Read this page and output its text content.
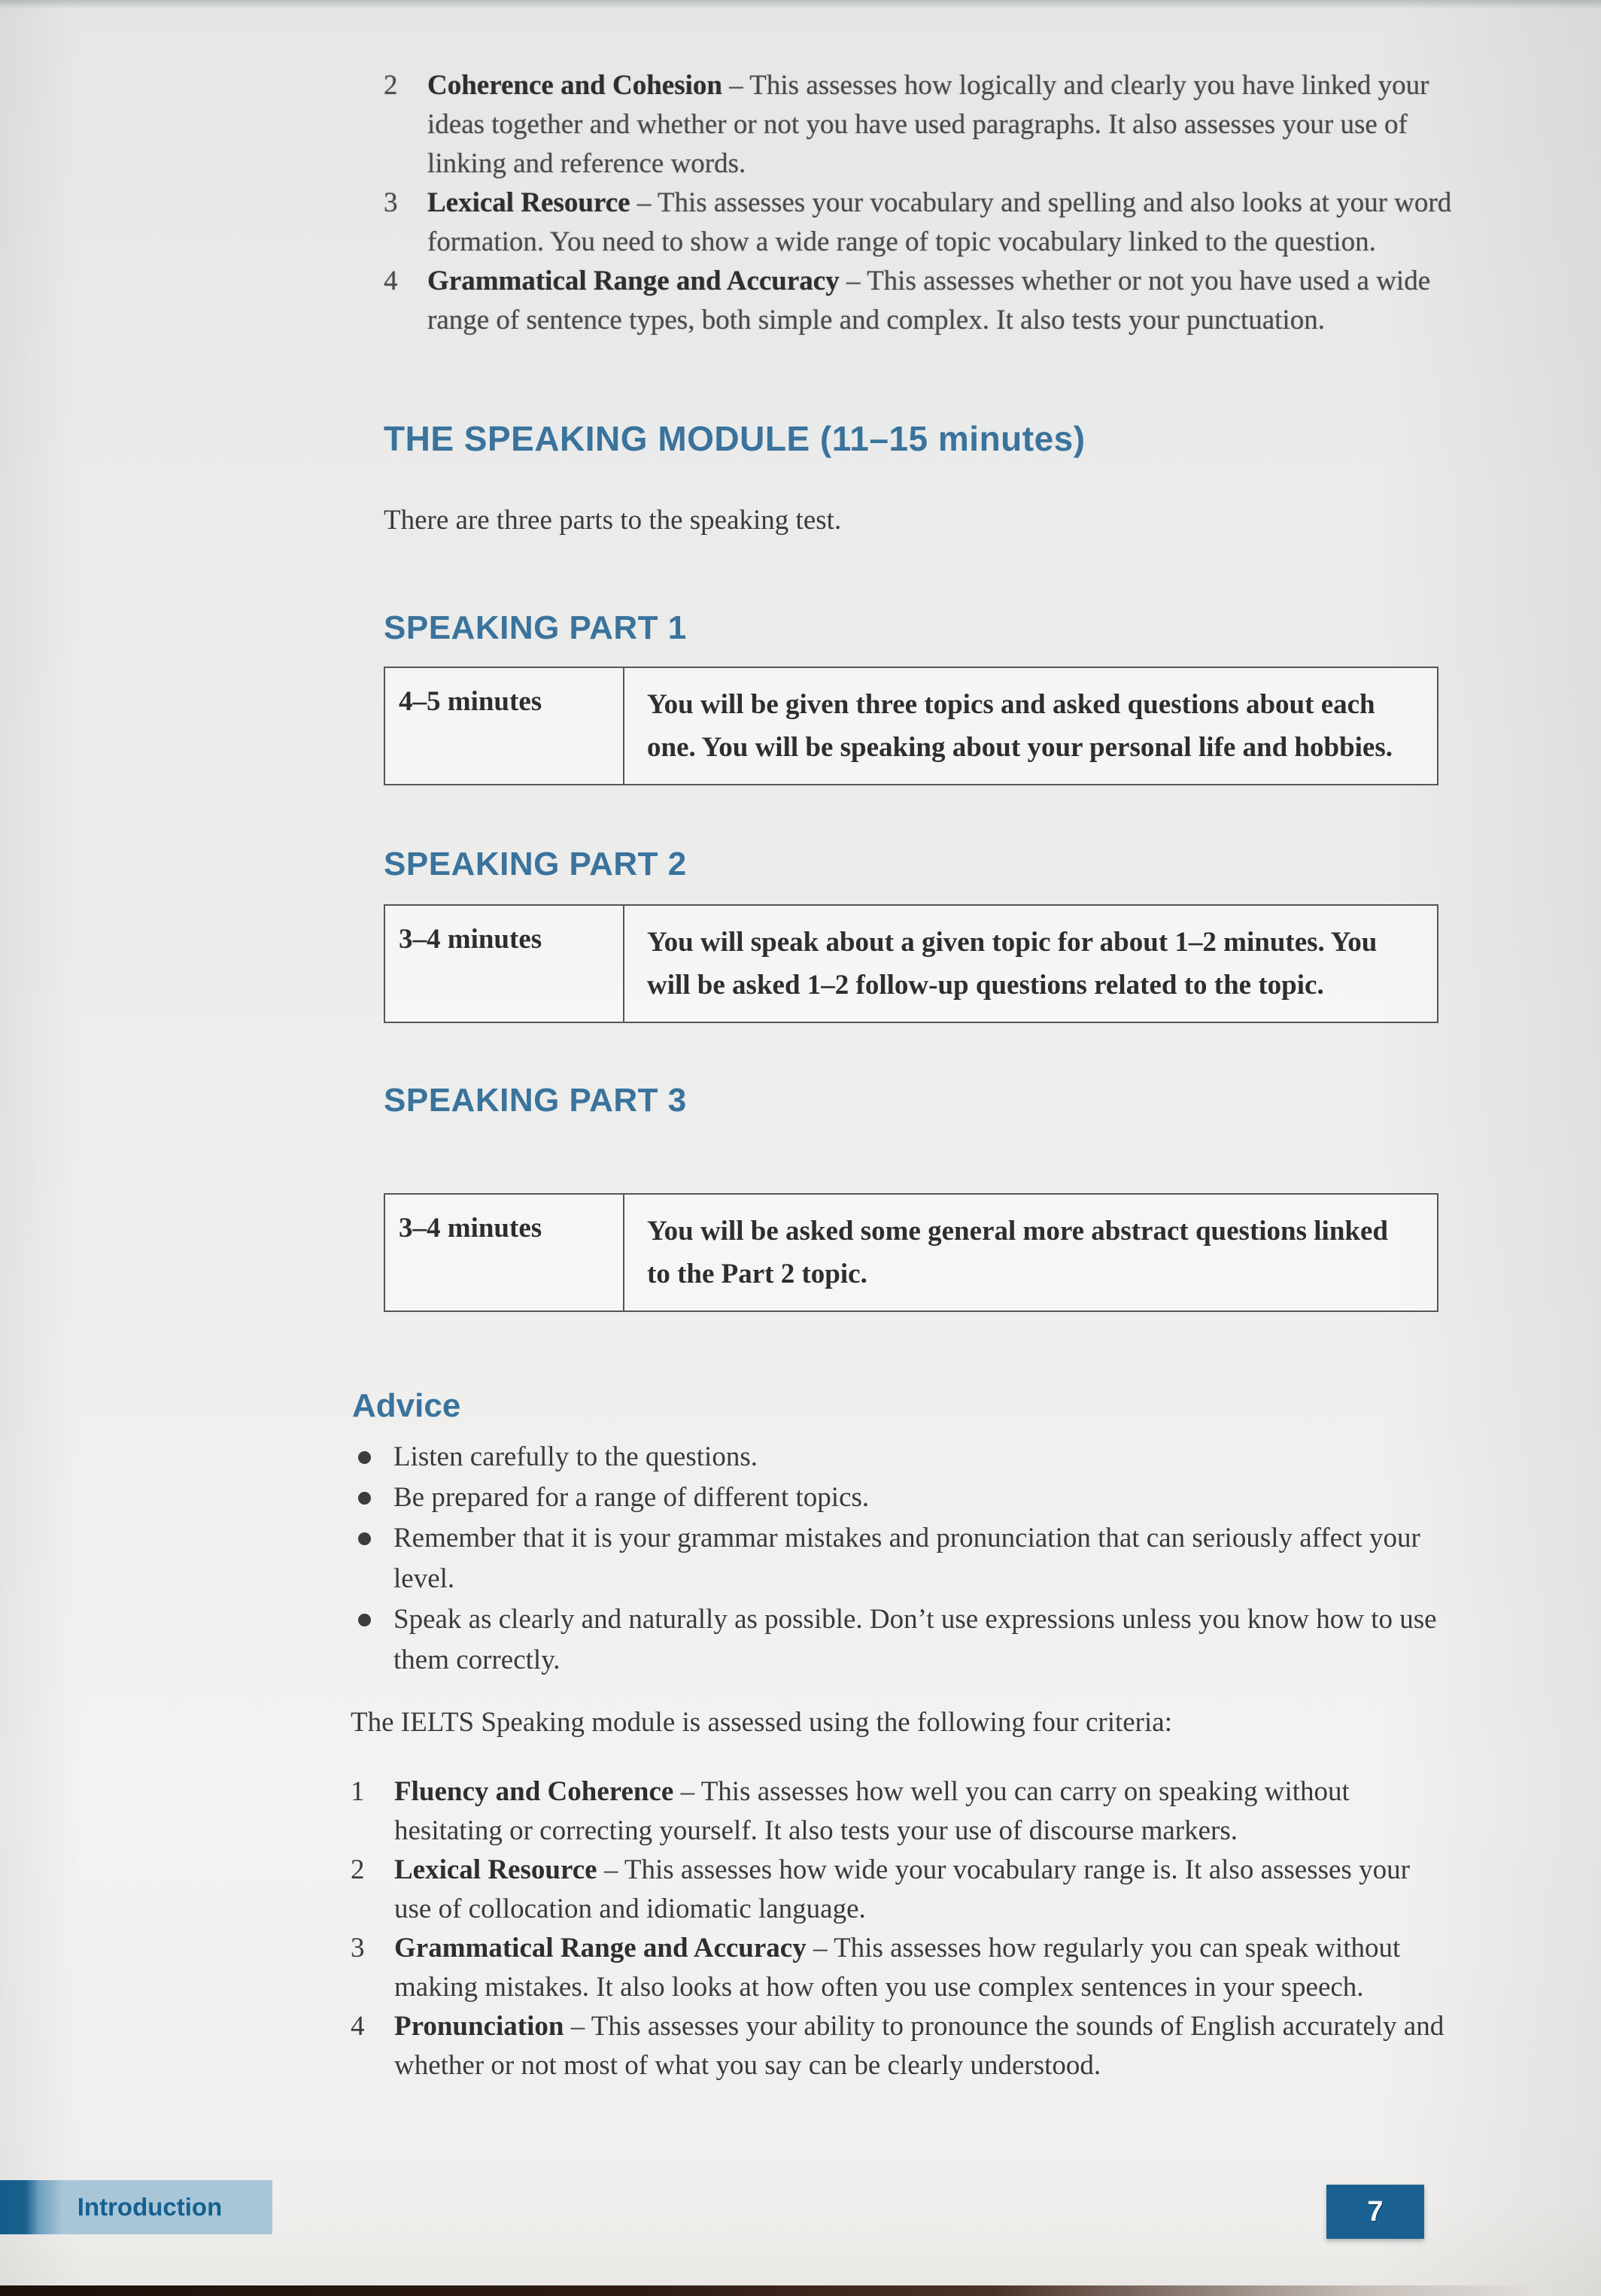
2	Coherence and Cohesion – This assesses how logically and clearly you have linked your ideas together and whether or not you have used paragraphs. It also assesses your use of linking and reference words.
3	Lexical Resource – This assesses your vocabulary and spelling and also looks at your word formation. You need to show a wide range of topic vocabulary linked to the question.
4	Grammatical Range and Accuracy – This assesses whether or not you have used a wide range of sentence types, both simple and complex. It also tests your punctuation.
THE SPEAKING MODULE (11–15 minutes)
There are three parts to the speaking test.
SPEAKING PART 1
4–5 minutes	You will be given three topics and asked questions about each one. You will be speaking about your personal life and hobbies.
SPEAKING PART 2
3–4 minutes	You will speak about a given topic for about 1–2 minutes. You will be asked 1–2 follow-up questions related to the topic.
SPEAKING PART 3
3–4 minutes	You will be asked some general more abstract questions linked to the Part 2 topic.
Advice
Listen carefully to the questions.
Be prepared for a range of different topics.
Remember that it is your grammar mistakes and pronunciation that can seriously affect your level.
Speak as clearly and naturally as possible. Don’t use expressions unless you know how to use them correctly.
The IELTS Speaking module is assessed using the following four criteria:
1	Fluency and Coherence – This assesses how well you can carry on speaking without hesitating or correcting yourself. It also tests your use of discourse markers.
2	Lexical Resource – This assesses how wide your vocabulary range is. It also assesses your use of collocation and idiomatic language.
3	Grammatical Range and Accuracy – This assesses how regularly you can speak without making mistakes. It also looks at how often you use complex sentences in your speech.
4	Pronunciation – This assesses your ability to pronounce the sounds of English accurately and whether or not most of what you say can be clearly understood.
Introduction	7
